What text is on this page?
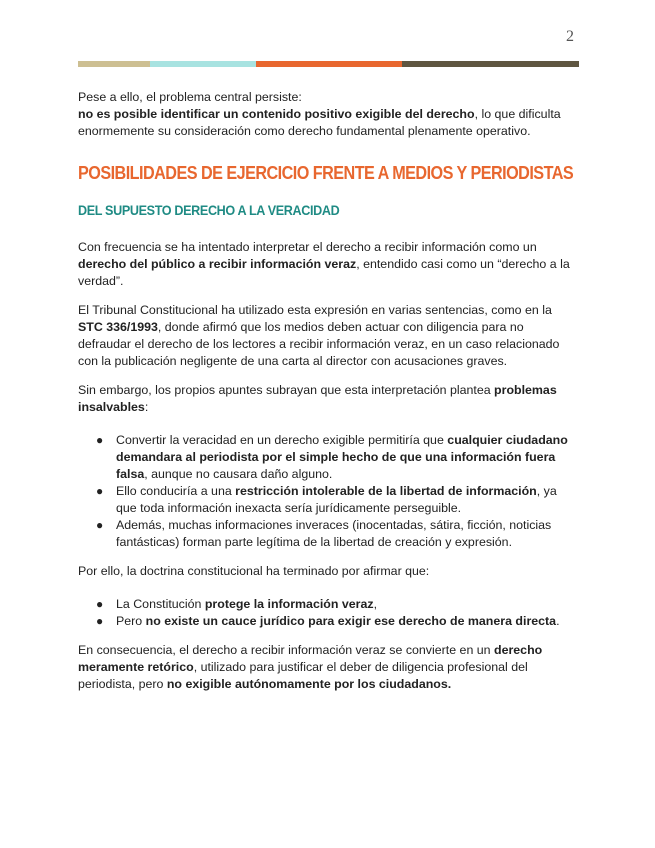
2

Pese a ello, el problema central persiste:
no es posible identificar un contenido positivo exigible del derecho, lo que dificulta enormemente su consideración como derecho fundamental plenamente operativo.

POSIBILIDADES DE EJERCICIO FRENTE A MEDIOS Y PERIODISTAS
DEL SUPUESTO DERECHO A LA VERACIDAD

Con frecuencia se ha intentado interpretar el derecho a recibir información como un derecho del público a recibir información veraz, entendido casi como un “derecho a la verdad”.

El Tribunal Constitucional ha utilizado esta expresión en varias sentencias, como en la STC 336/1993, donde afirmó que los medios deben actuar con diligencia para no defraudar el derecho de los lectores a recibir información veraz, en un caso relacionado con la publicación negligente de una carta al director con acusaciones graves.

Sin embargo, los propios apuntes subrayan que esta interpretación plantea problemas insalvables:

● Convertir la veracidad en un derecho exigible permitiría que cualquier ciudadano demandara al periodista por el simple hecho de que una información fuera falsa, aunque no causara daño alguno.
● Ello conduciría a una restricción intolerable de la libertad de información, ya que toda información inexacta sería jurídicamente perseguible.
● Además, muchas informaciones inveraces (inocentadas, sátira, ficción, noticias fantásticas) forman parte legítima de la libertad de creación y expresión.

Por ello, la doctrina constitucional ha terminado por afirmar que:

● La Constitución protege la información veraz,
● Pero no existe un cauce jurídico para exigir ese derecho de manera directa.

En consecuencia, el derecho a recibir información veraz se convierte en un derecho meramente retórico, utilizado para justificar el deber de diligencia profesional del periodista, pero no exigible autónomamente por los ciudadanos.
